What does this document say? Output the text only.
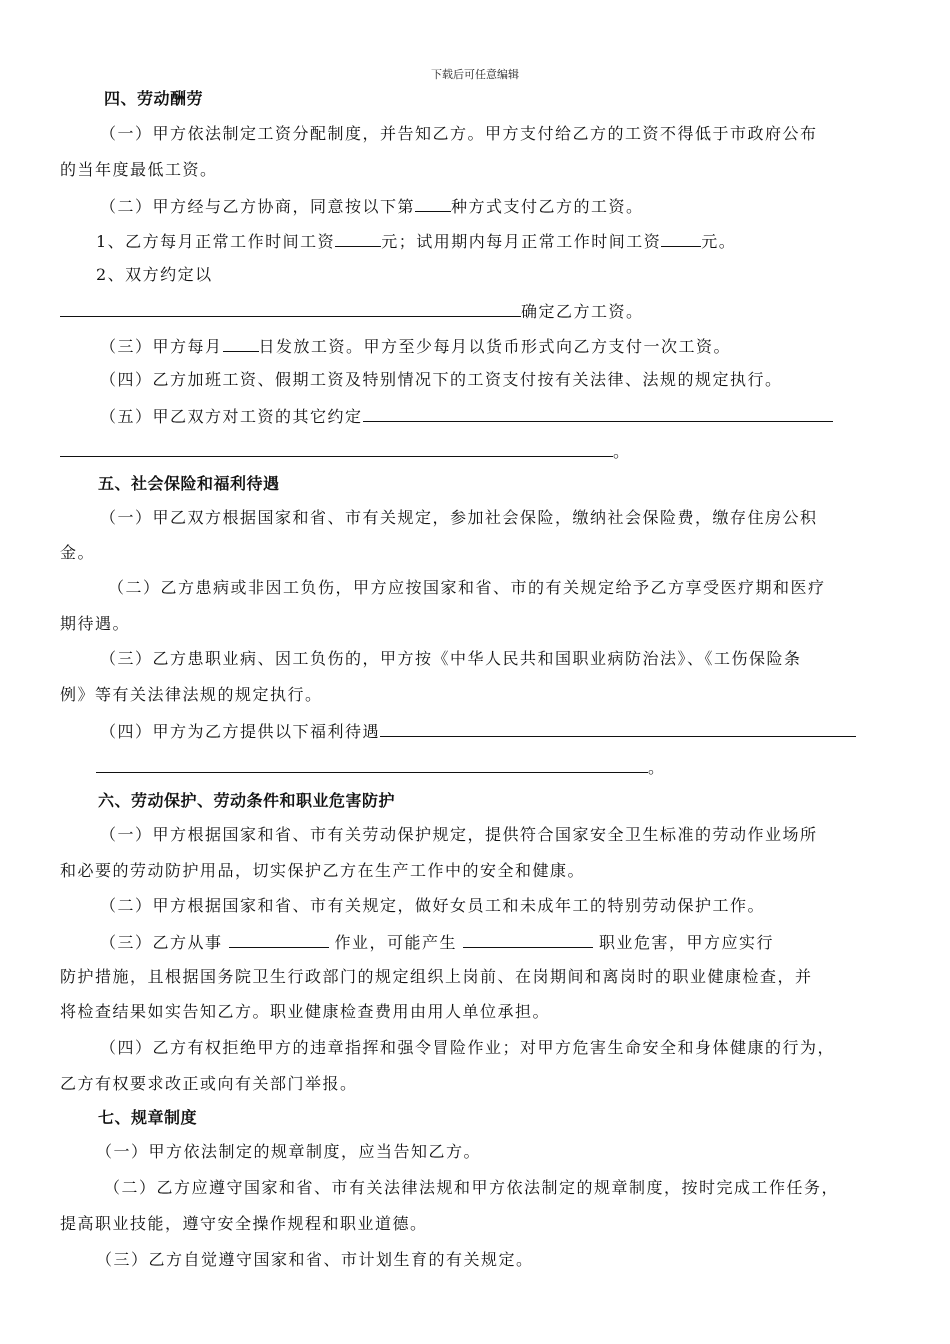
下载后可任意编辑
四、劳动酬劳
（一）甲方依法制定工资分配制度，并告知乙方。甲方支付给乙方的工资不得低于市政府公布
的当年度最低工资。
（二）甲方经与乙方协商，同意按以下第 种方式支付乙方的工资。
1、乙方每月正常工作时间工资	元；试用期内每月正常工作时间工资	元。
2、双方约定以
确定乙方工资。
（三）甲方每月 日发放工资。甲方至少每月以货币形式向乙方支付一次工资。
（四）乙方加班工资、假期工资及特别情况下的工资支付按有关法律、法规的规定执行。
（五）甲乙双方对工资的其它约定
。
五、社会保险和福利待遇
（一）甲乙双方根据国家和省、市有关规定，参加社会保险，缴纳社会保险费，缴存住房公积
金。
（二）乙方患病或非因工负伤，甲方应按国家和省、市的有关规定给予乙方享受医疗期和医疗
期待遇。
（三）乙方患职业病、因工负伤的，甲方按《中华人民共和国职业病防治法》、《工伤保险条
例》等有关法律法规的规定执行。
（四）甲方为乙方提供以下福利待遇
。
六、劳动保护、劳动条件和职业危害防护
（一）甲方根据国家和省、市有关劳动保护规定，提供符合国家安全卫生标准的劳动作业场所
和必要的劳动防护用品，切实保护乙方在生产工作中的安全和健康。
（二）甲方根据国家和省、市有关规定，做好女员工和未成年工的特别劳动保护工作。
（三）乙方从事	作业，可能产生	职业危害，甲方应实行
防护措施，且根据国务院卫生行政部门的规定组织上岗前、在岗期间和离岗时的职业健康检查，并
将检查结果如实告知乙方。职业健康检查费用由用人单位承担。
（四）乙方有权拒绝甲方的违章指挥和强令冒险作业；对甲方危害生命安全和身体健康的行为，
乙方有权要求改正或向有关部门举报。
七、规章制度
（一）甲方依法制定的规章制度，应当告知乙方。
（二）乙方应遵守国家和省、市有关法律法规和甲方依法制定的规章制度，按时完成工作任务，
提高职业技能，遵守安全操作规程和职业道德。
（三）乙方自觉遵守国家和省、市计划生育的有关规定。
